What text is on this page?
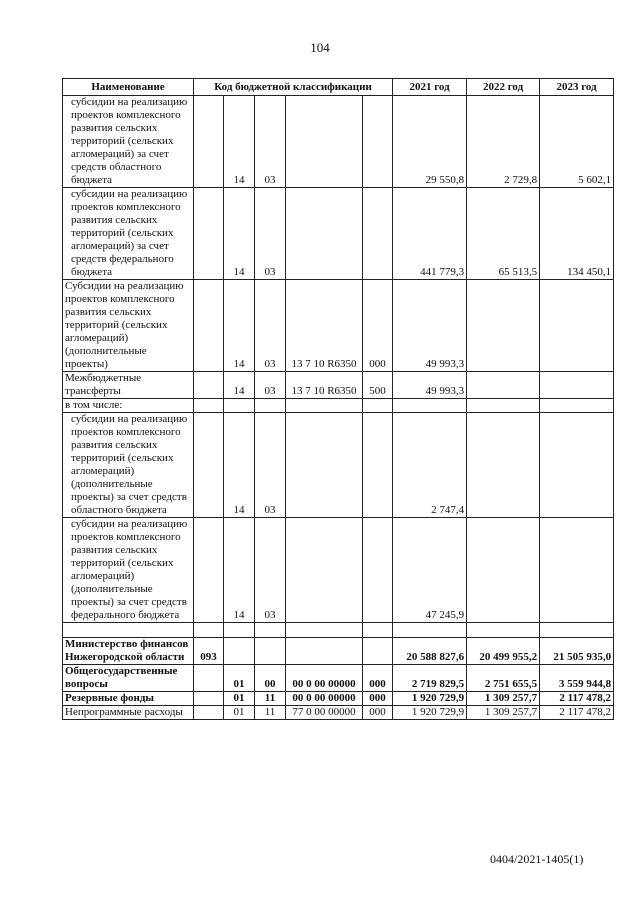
104
Наименование	Код бюджетной классификации					2021 год	2022 год	2023 год
субсидии на реализацию проектов комплексного развития сельских территорий (сельских агломераций) за счет средств областного бюджета		14	03			29 550,8	2 729,8	5 602,1
субсидии на реализацию проектов комплексного развития сельских территорий (сельских агломераций) за счет средств федерального бюджета		14	03			441 779,3	65 513,5	134 450,1
Субсидии на реализацию проектов комплексного развития сельских территорий (сельских агломераций) (дополнительные проекты)		14	03	13 7 10 R6350	000	49 993,3		
Межбюджетные трансферты		14	03	13 7 10 R6350	500	49 993,3		
в том числе:								
субсидии на реализацию проектов комплексного развития сельских территорий (сельских агломераций) (дополнительные проекты) за счет средств областного бюджета		14	03			2 747,4		
субсидии на реализацию проектов комплексного развития сельских территорий (сельских агломераций) (дополнительные проекты) за счет средств федерального бюджета		14	03			47 245,9		

Министерство финансов Нижегородской области	093					20 588 827,6	20 499 955,2	21 505 935,0
Общегосударственные вопросы		01	00	00 0 00 00000	000	2 719 829,5	2 751 655,5	3 559 944,8
Резервные фонды		01	11	00 0 00 00000	000	1 920 729,9	1 309 257,7	2 117 478,2
Непрограммные расходы		01	11	77 0 00 00000	000	1 920 729,9	1 309 257,7	2 117 478,2
0404/2021-1405(1)
